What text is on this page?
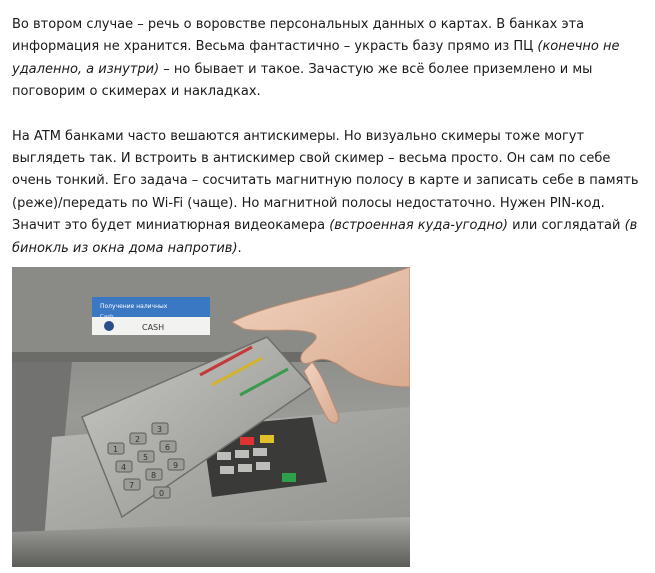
Во втором случае – речь о воровстве персональных данных о картах. В банках эта информация не хранится. Весьма фантастично – украсть базу прямо из ПЦ (конечно не удаленно, а изнутри) – но бывает и такое. Зачастую же всё более приземлено и мы поговорим о скимерах и накладках.

На ATM банками часто вешаются антискимеры. Но визуально скимеры тоже могут выглядеть так. И встроить в антискимер свой скимер – весьма просто. Он сам по себе очень тонкий. Его задача – сосчитать магнитную полосу в карте и записать себе в память (реже)/передать по Wi-Fi (чаще). Но магнитной полосы недостаточно. Нужен PIN-код. Значит это будет миниатюрная видеокамера (встроенная куда-угодно) или соглядатай (в бинокль из окна дома напротив).

Получение наличных
CASH
1
2
3
4
5
6
7
8
9
0
